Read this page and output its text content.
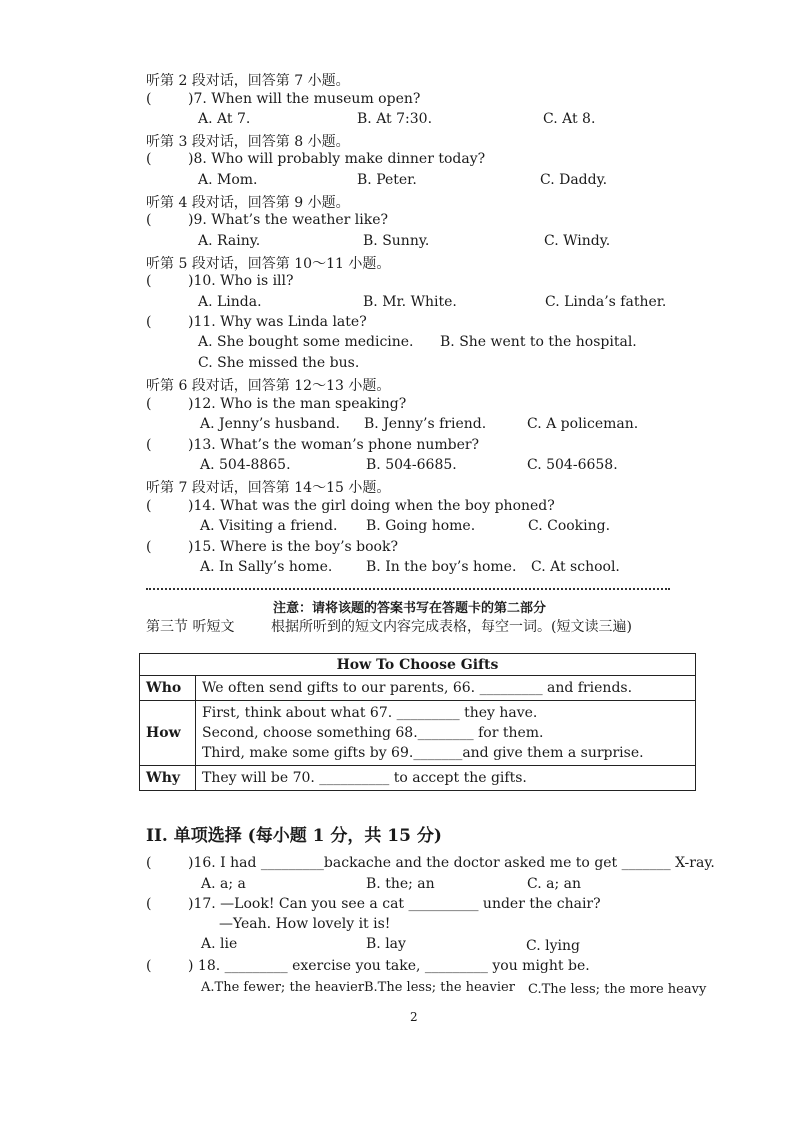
听第 2 段对话，回答第 7 小题。
(	)7. When will the museum open?
A. At 7.	B. At 7:30.	C. At 8.
听第 3 段对话，回答第 8 小题。
(	)8. Who will probably make dinner today?
A. Mom.	B. Peter.	C. Daddy.
听第 4 段对话，回答第 9 小题。
(	)9. What’s the weather like?
A. Rainy.	B. Sunny.	C. Windy.
听第 5 段对话，回答第 10～11 小题。
(	)10. Who is ill?
A. Linda.	B. Mr. White.	C. Linda’s father.
(	)11. Why was Linda late?
A. She bought some medicine. B. She went to the hospital.
C. She missed the bus.
听第 6 段对话，回答第 12～13 小题。
(	)12. Who is the man speaking?
A. Jenny’s husband. B. Jenny’s friend.	C. A policeman.
(	)13. What’s the woman’s phone number?
A. 504-8865.	B. 504-6685.	C. 504-6658.
听第 7 段对话，回答第 14～15 小题。
(	)14. What was the girl doing when the boy phoned?
A. Visiting a friend. B. Going home.	C. Cooking.
(	)15. Where is the boy’s book?
A. In Sally’s home. B. In the boy’s home. C. At school.
注意：请将该题的答案书写在答题卡的第二部分
第三节 听短文	根据所听到的短文内容完成表格，每空一词。(短文读三遍)
How To Choose Gifts	
Who	We often send gifts to our parents, 66. _________ and friends.

How	First, think about what 67. _________ they have.
Second, choose something 68.________ for them.
Third, make some gifts by 69._______and give them a surprise.

Why	They will be 70. __________ to accept the gifts.
II. 单项选择 (每小题 1 分，共 15 分)
(	)16. I had _________backache and the doctor asked me to get _______ X-ray.
A. a; a	B. the; an	C. a; an
(	)17. —Look! Can you see a cat __________ under the chair?
—Yeah. How lovely it is!
A. lie	B. lay	C. lying
(	) 18. _________ exercise you take, _________ you might be.
A.The fewer; the heavier B.The less; the heavier C.The less; the more heavy
2
